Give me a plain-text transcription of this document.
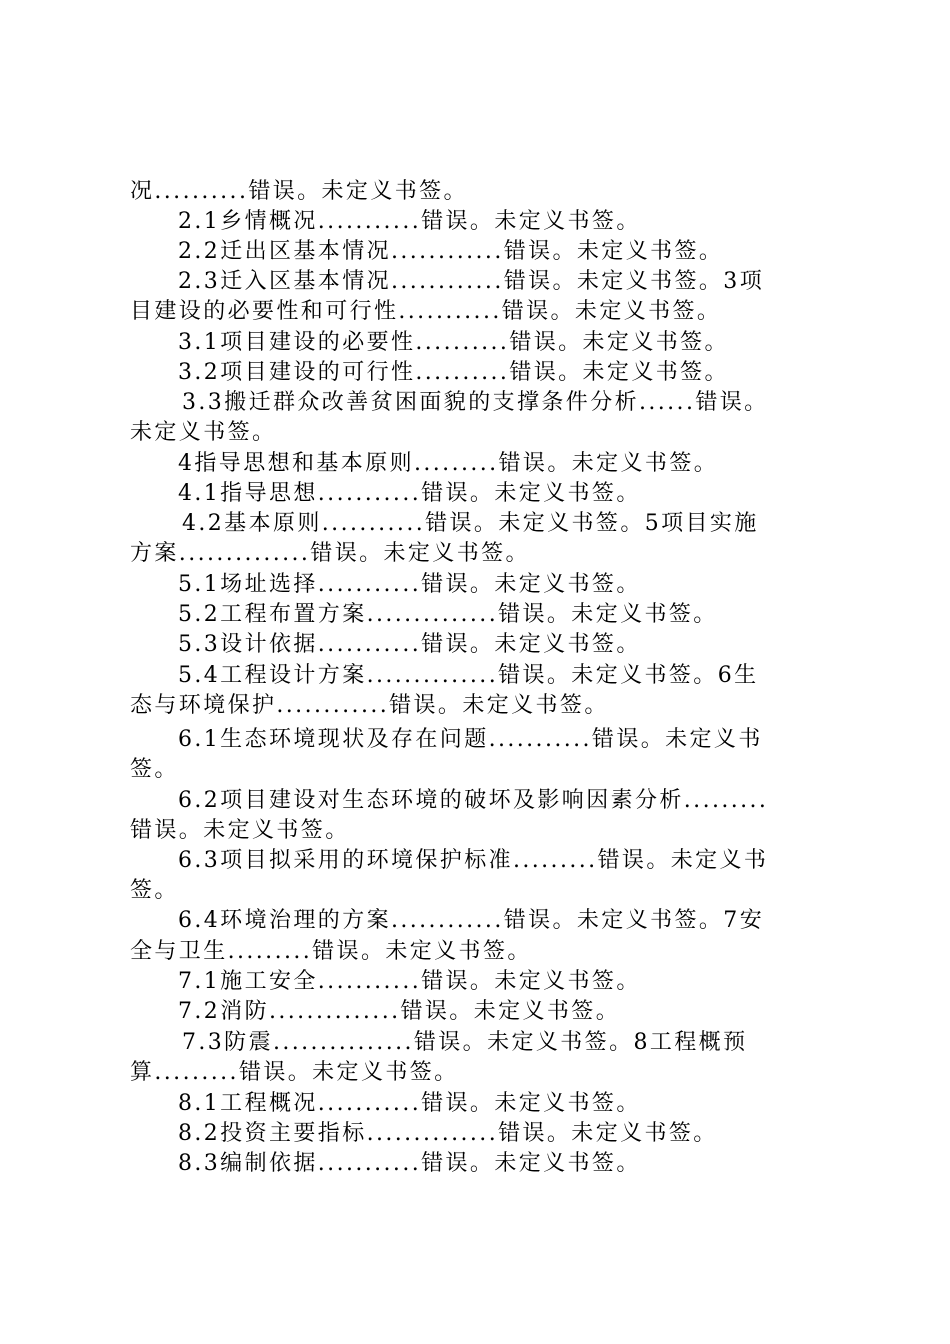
况..........错误。未定义书签。
2.1乡情概况...........错误。未定义书签。
2.2迁出区基本情况............错误。未定义书签。
2.3迁入区基本情况............错误。未定义书签。3项
目建设的必要性和可行性...........错误。未定义书签。
3.1项目建设的必要性..........错误。未定义书签。
3.2项目建设的可行性..........错误。未定义书签。
3.3搬迁群众改善贫困面貌的支撑条件分析......错误。
未定义书签。
4指导思想和基本原则.........错误。未定义书签。
4.1指导思想...........错误。未定义书签。
4.2基本原则...........错误。未定义书签。5项目实施
方案..............错误。未定义书签。
5.1场址选择...........错误。未定义书签。
5.2工程布置方案..............错误。未定义书签。
5.3设计依据...........错误。未定义书签。
5.4工程设计方案..............错误。未定义书签。6生
态与环境保护............错误。未定义书签。
6.1生态环境现状及存在问题...........错误。未定义书
签。
6.2项目建设对生态环境的破坏及影响因素分析.........
错误。未定义书签。
6.3项目拟采用的环境保护标准.........错误。未定义书
签。
6.4环境治理的方案............错误。未定义书签。7安
全与卫生.........错误。未定义书签。
7.1施工安全...........错误。未定义书签。
7.2消防..............错误。未定义书签。
7.3防震...............错误。未定义书签。8工程概预
算.........错误。未定义书签。
8.1工程概况...........错误。未定义书签。
8.2投资主要指标..............错误。未定义书签。
8.3编制依据...........错误。未定义书签。
